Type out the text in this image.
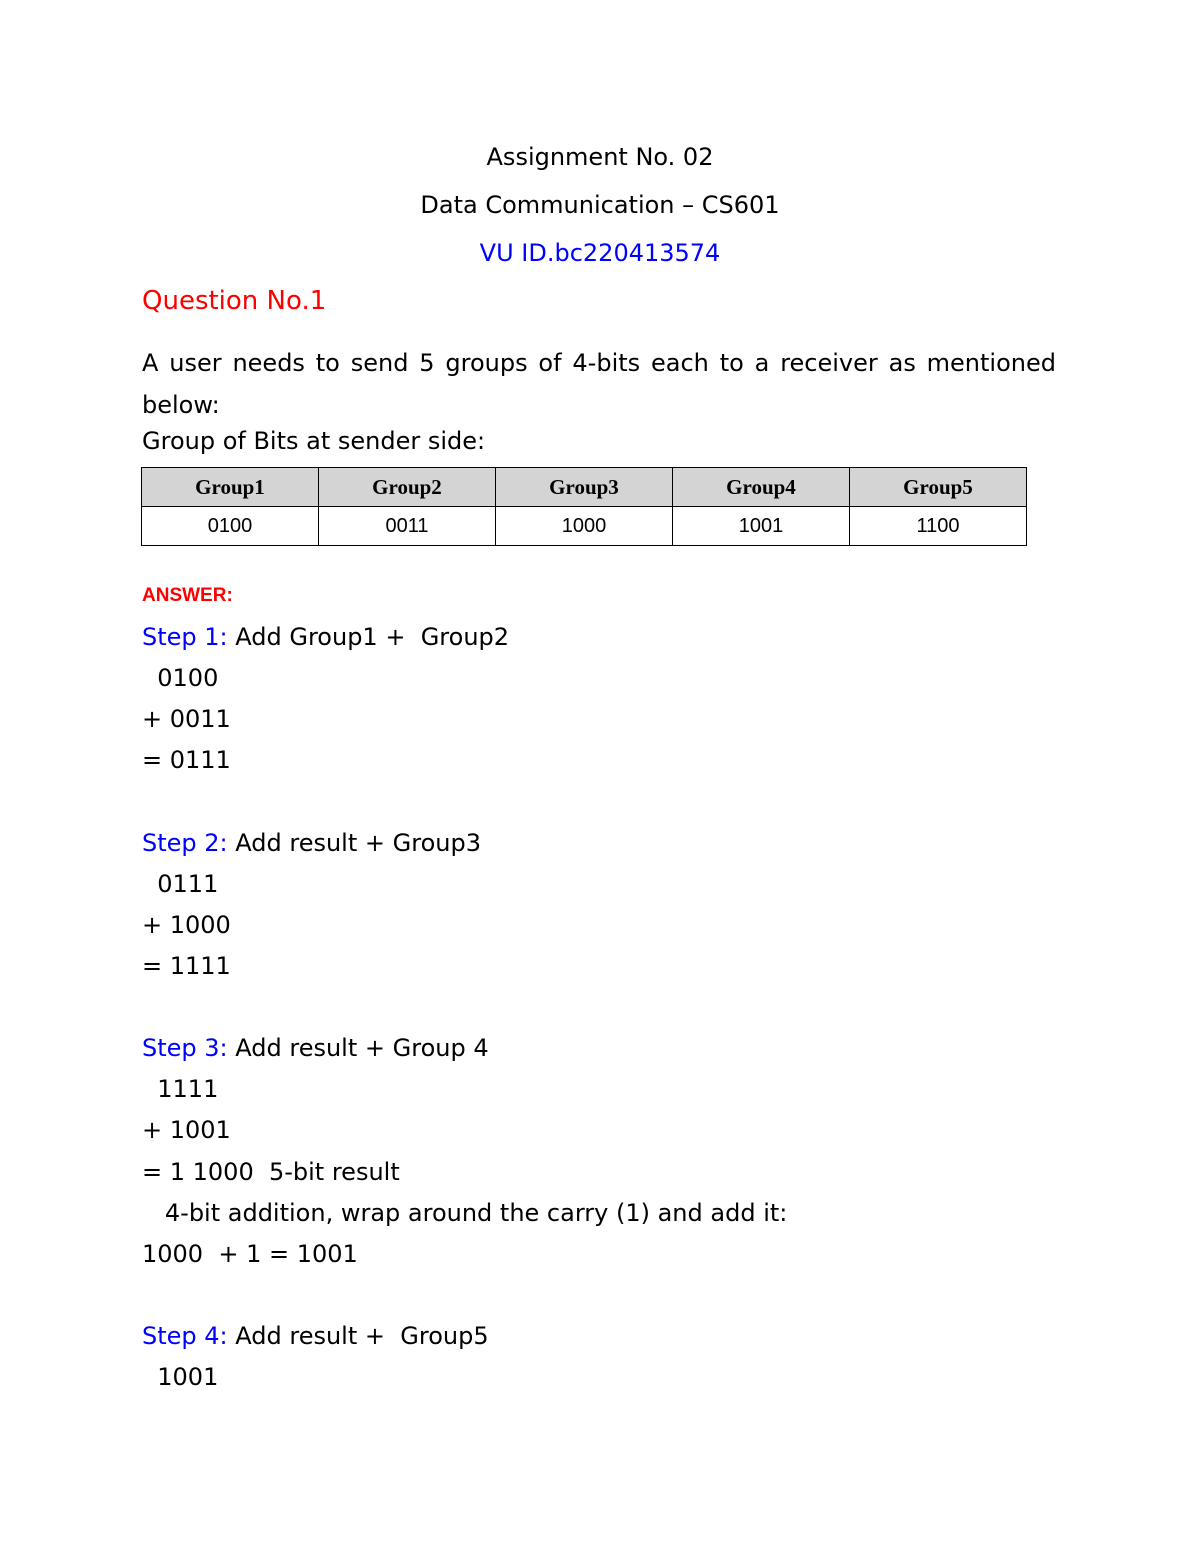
Assignment No. 02
Data Communication – CS601
VU ID.bc220413574
Question No.1

A user needs to send 5 groups of 4-bits each to a receiver as mentioned below:

Group of Bits at sender side:
Group1	Group2	Group3	Group4	Group5
0100	0011	1000	1001	1100
ANSWER:
Step 1: Add Group1 +  Group2
0100
+ 0011
= 0111
Step 2: Add result + Group3
0111
+ 1000
= 1111
Step 3: Add result + Group 4
1111
+ 1001
= 1 1000  5-bit result
4-bit addition, wrap around the carry (1) and add it:
1000  + 1 = 1001
Step 4: Add result +  Group5
1001
